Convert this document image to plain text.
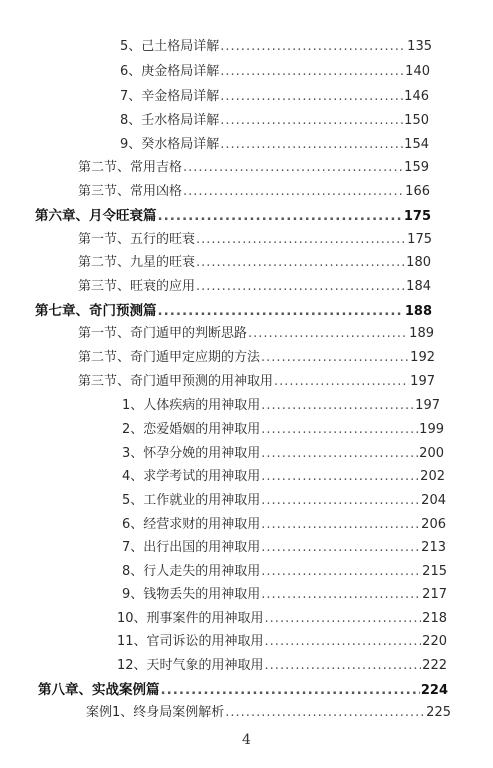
5、己土格局详解 .....	135
6、庚金格局详解 .....	140
7、辛金格局详解 .....	146
8、壬水格局详解 .....	150
9、癸水格局详解 .....	154
第二节、常用吉格 .....	159
第三节、常用凶格 .....	166
第六章、月令旺衰篇 .....	175
第一节、五行的旺衰 .....	175
第二节、九星的旺衰 .....	180
第三节、旺衰的应用 .....	184
第七章、奇门预测篇 .....	188
第一节、奇门遁甲的判断思路 .....	189
第二节、奇门遁甲定应期的方法 .....	192
第三节、奇门遁甲预测的用神取用 .....	197
1、人体疾病的用神取用 .....	197
2、恋爱婚姻的用神取用 .....	199
3、怀孕分娩的用神取用 .....	200
4、求学考试的用神取用 .....	202
5、工作就业的用神取用 .....	204
6、经营求财的用神取用 .....	206
7、出行出国的用神取用 .....	213
8、行人走失的用神取用 .....	215
9、钱物丢失的用神取用 .....	217
10、刑事案件的用神取用 .....	218
11、官司诉讼的用神取用 .....	220
12、天时气象的用神取用 .....	222
第八章、实战案例篇 .....	224
案例1、终身局案例解析 .....	225
4
